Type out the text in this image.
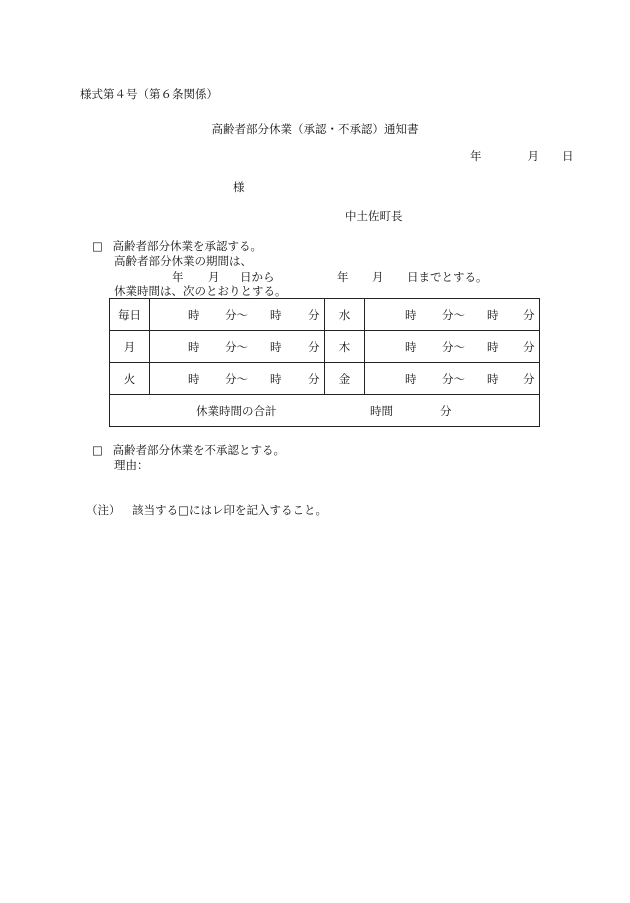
様式第４号（第６条関係）
高齢者部分休業（承認・不承認）通知書
年	月 日
様
中土佐町長
□ 高齢者部分休業を承認する。
高齢者部分休業の期間は、
年 月 日から	年 月 日までとする。
休業時間は、次のとおりとする。
毎日	時 分～ 時 分	水	時 分～ 時 分

月	時 分～ 時 分	木	時 分～ 時 分

火	時 分～ 時 分	金	時 分～ 時 分

休業時間の合計 時間 分			
□ 高齢者部分休業を不承認とする。
理由：
（注） 該当する□にはレ印を記入すること。
